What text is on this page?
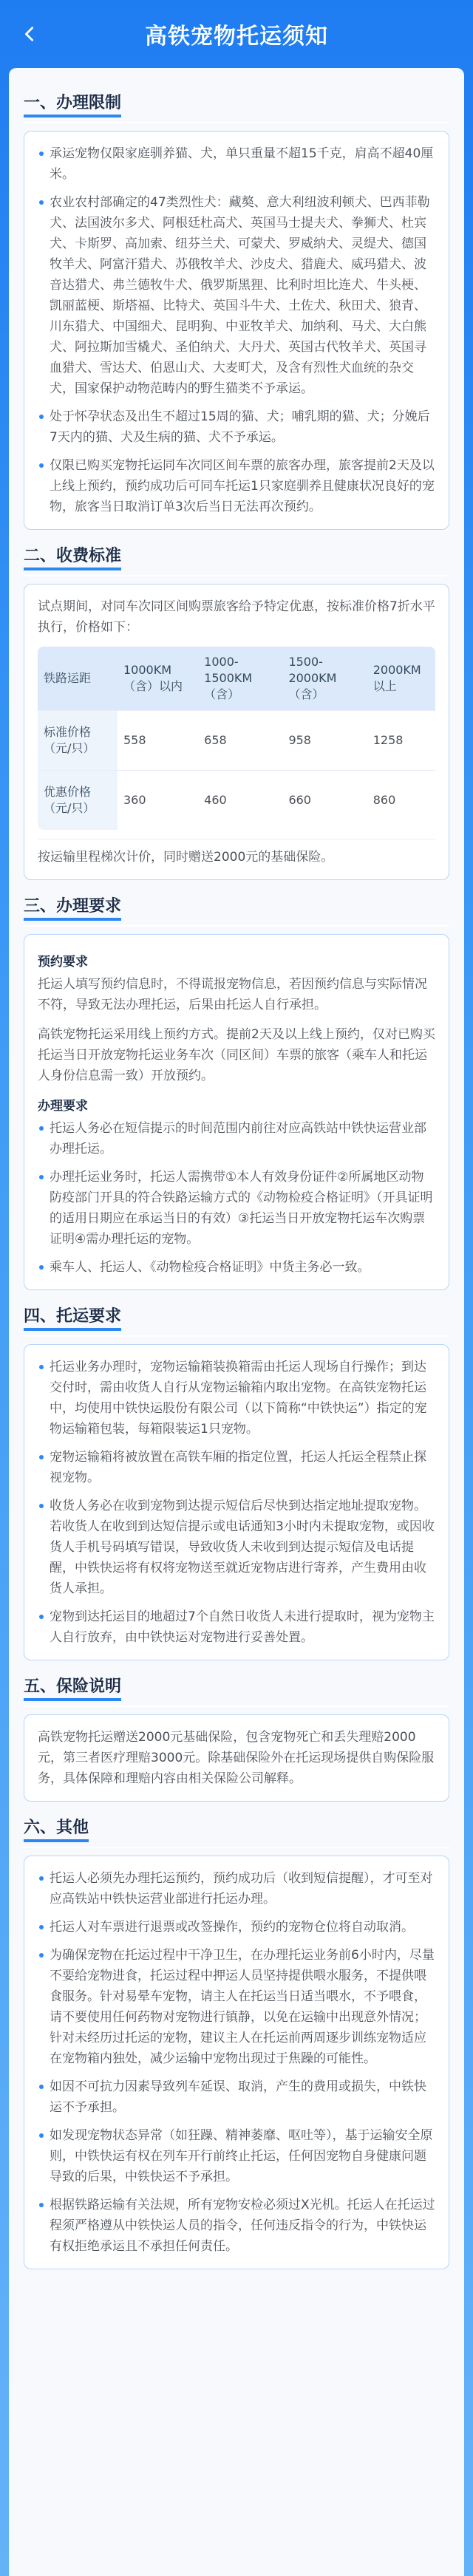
高铁宠物托运须知
一、办理限制
承运宠物仅限家庭驯养猫、犬，单只重量不超15千克，肩高不超40厘米。
农业农村部确定的47类烈性犬：藏獒、意大利纽波利顿犬、巴西菲勒犬、法国波尔多犬、阿根廷杜高犬、英国马士提夫犬、拳狮犬、杜宾犬、卡斯罗、高加索、纽芬兰犬、可蒙犬、罗威纳犬、灵缇犬、德国牧羊犬、阿富汗猎犬、苏俄牧羊犬、沙皮犬、猎鹿犬、威玛猎犬、波音达猎犬、弗兰德牧牛犬、俄罗斯黑狸、比利时坦比连犬、牛头梗、凯丽蓝梗、斯塔福、比特犬、英国斗牛犬、土佐犬、秋田犬、狼青、川东猎犬、中国细犬、昆明狗、中亚牧羊犬、加纳利、马犬、大白熊犬、阿拉斯加雪橇犬、圣伯纳犬、大丹犬、英国古代牧羊犬、英国寻血猎犬、雪达犬、伯恩山犬、大麦町犬，及含有烈性犬血统的杂交犬，国家保护动物范畴内的野生猫类不予承运。
处于怀孕状态及出生不超过15周的猫、犬；哺乳期的猫、犬；分娩后7天内的猫、犬及生病的猫、犬不予承运。
仅限已购买宠物托运同车次同区间车票的旅客办理，旅客提前2天及以上线上预约，预约成功后可同车托运1只家庭驯养且健康状况良好的宠物，旅客当日取消订单3次后当日无法再次预约。
二、收费标准
试点期间，对同车次同区间购票旅客给予特定优惠，按标准价格7折水平执行，价格如下：
铁路运距	1000KM（含）以内	1000-1500KM（含）	1500-2000KM（含）	2000KM以上
标准价格（元/只）	558	658	958	1258
优惠价格（元/只）	360	460	660	860
按运输里程梯次计价，同时赠送2000元的基础保险。
三、办理要求
预约要求
托运人填写预约信息时，不得谎报宠物信息，若因预约信息与实际情况不符，导致无法办理托运，后果由托运人自行承担。
高铁宠物托运采用线上预约方式。提前2天及以上线上预约，仅对已购买托运当日开放宠物托运业务车次（同区间）车票的旅客（乘车人和托运人身份信息需一致）开放预约。
办理要求
托运人务必在短信提示的时间范围内前往对应高铁站中铁快运营业部办理托运。
办理托运业务时，托运人需携带①本人有效身份证件②所属地区动物防疫部门开具的符合铁路运输方式的《动物检疫合格证明》（开具证明的适用日期应在承运当日的有效）③托运当日开放宠物托运车次购票证明④需办理托运的宠物。
乘车人、托运人、《动物检疫合格证明》中货主务必一致。
四、托运要求
托运业务办理时，宠物运输箱装换箱需由托运人现场自行操作；到达交付时，需由收货人自行从宠物运输箱内取出宠物。在高铁宠物托运中，均使用中铁快运股份有限公司（以下简称“中铁快运”）指定的宠物运输箱包装，每箱限装运1只宠物。
宠物运输箱将被放置在高铁车厢的指定位置，托运人托运全程禁止探视宠物。
收货人务必在收到宠物到达提示短信后尽快到达指定地址提取宠物。若收货人在收到到达短信提示或电话通知3小时内未提取宠物，或因收货人手机号码填写错误，导致收货人未收到到达提示短信及电话提醒，中铁快运将有权将宠物送至就近宠物店进行寄养，产生费用由收货人承担。
宠物到达托运目的地超过7个自然日收货人未进行提取时，视为宠物主人自行放弃，由中铁快运对宠物进行妥善处置。
五、保险说明
高铁宠物托运赠送2000元基础保险，包含宠物死亡和丢失理赔2000元，第三者医疗理赔3000元。除基础保险外在托运现场提供自购保险服务，具体保障和理赔内容由相关保险公司解释。
六、其他
托运人必须先办理托运预约，预约成功后（收到短信提醒），才可至对应高铁站中铁快运营业部进行托运办理。
托运人对车票进行退票或改签操作，预约的宠物仓位将自动取消。
为确保宠物在托运过程中干净卫生，在办理托运业务前6小时内，尽量不要给宠物进食，托运过程中押运人员坚持提供喂水服务，不提供喂食服务。针对易晕车宠物，请主人在托运当日适当喂水，不予喂食，请不要使用任何药物对宠物进行镇静，以免在运输中出现意外情况；针对未经历过托运的宠物，建议主人在托运前两周逐步训练宠物适应在宠物箱内独处，减少运输中宠物出现过于焦躁的可能性。
如因不可抗力因素导致列车延误、取消，产生的费用或损失，中铁快运不予承担。
如发现宠物状态异常（如狂躁、精神萎靡、呕吐等），基于运输安全原则，中铁快运有权在列车开行前终止托运，任何因宠物自身健康问题导致的后果，中铁快运不予承担。
根据铁路运输有关法规，所有宠物安检必须过X光机。托运人在托运过程须严格遵从中铁快运人员的指令，任何违反指令的行为，中铁快运有权拒绝承运且不承担任何责任。
